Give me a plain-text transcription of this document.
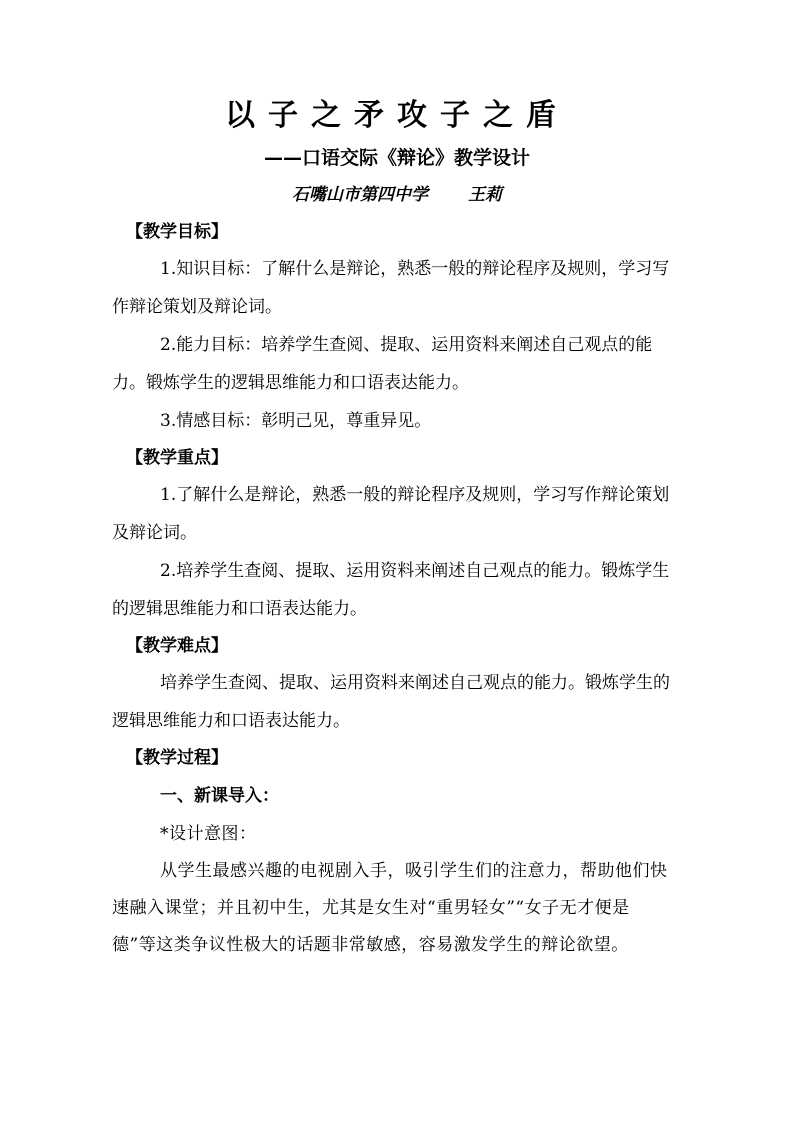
以子之矛攻子之盾
——口语交际《辩论》教学设计
石嘴山市第四中学 王莉
【教学目标】

1.知识目标：了解什么是辩论，熟悉一般的辩论程序及规则，学习写作辩论策划及辩论词。

2.能力目标：培养学生查阅、提取、运用资料来阐述自己观点的能力。锻炼学生的逻辑思维能力和口语表达能力。

3.情感目标：彰明己见，尊重异见。

【教学重点】

1.了解什么是辩论，熟悉一般的辩论程序及规则，学习写作辩论策划及辩论词。

2.培养学生查阅、提取、运用资料来阐述自己观点的能力。锻炼学生的逻辑思维能力和口语表达能力。

【教学难点】

培养学生查阅、提取、运用资料来阐述自己观点的能力。锻炼学生的逻辑思维能力和口语表达能力。

【教学过程】
一、新课导入：

*设计意图：

从学生最感兴趣的电视剧入手，吸引学生们的注意力，帮助他们快速融入课堂；并且初中生，尤其是女生对“重男轻女”“女子无才便是德”等这类争议性极大的话题非常敏感，容易激发学生的辩论欲望。
